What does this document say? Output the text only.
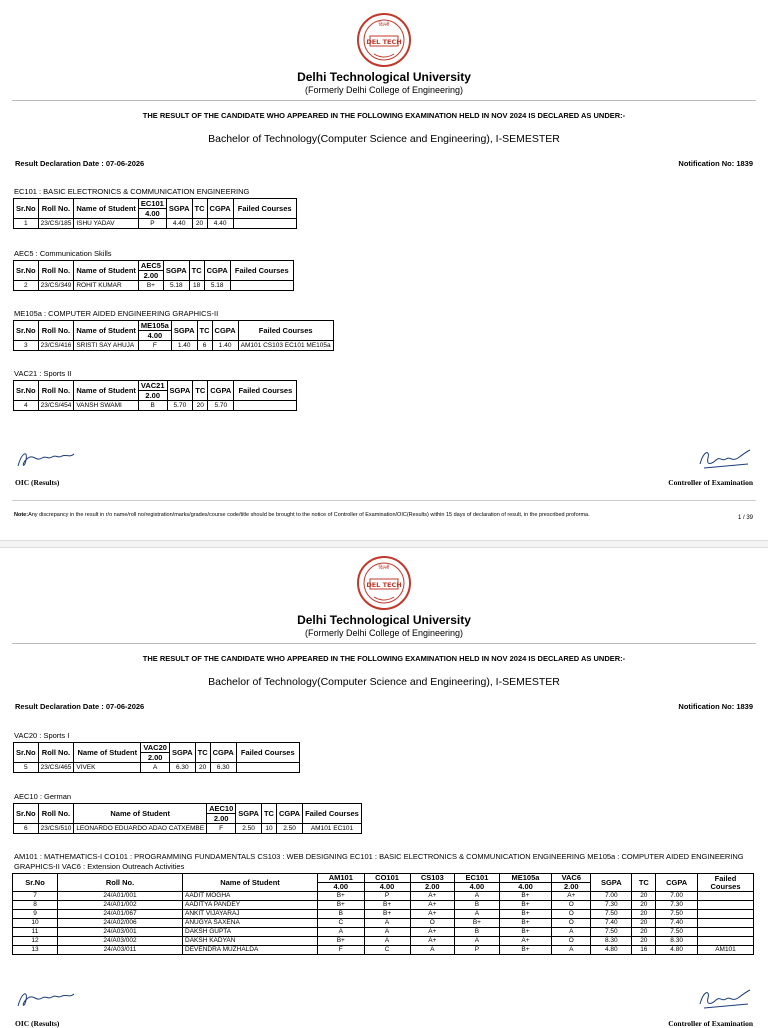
दिल्ली
DEL TECH
Delhi Technological University
(Formerly Delhi College of Engineering)
THE RESULT OF THE CANDIDATE WHO APPEARED IN THE FOLLOWING EXAMINATION HELD IN NOV 2024 IS DECLARED AS UNDER:-
Bachelor of Technology(Computer Science and Engineering), I-SEMESTER
Result Declaration Date : 07-06-2026	Notification No: 1839
EC101 : BASIC ELECTRONICS & COMMUNICATION ENGINEERING
Sr.No	Roll No.	Name of Student	EC101	SGPA	TC	CGPA	Failed Courses
			4.00				
1	23/CS/185	ISHU YADAV	P	4.40	20	4.40	
AEC5 : Communication Skills
Sr.No	Roll No.	Name of Student	AEC5	SGPA	TC	CGPA	Failed Courses
			2.00				
2	23/CS/349	ROHIT KUMAR	B+	5.18	18	5.18	
ME105a : COMPUTER AIDED ENGINEERING GRAPHICS-II
Sr.No	Roll No.	Name of Student	ME105a	SGPA	TC	CGPA	Failed Courses
			4.00				
3	23/CS/416	SRISTI SAY AHUJA	F	1.40	6	1.40	AM101 CS103 EC101 ME105a
VAC21 : Sports II
Sr.No	Roll No.	Name of Student	VAC21	SGPA	TC	CGPA	Failed Courses
			2.00				
4	23/CS/454	VANSH SWAMI	B	5.70	20	5.70	
OIC (Results)	Controller of Examination
Note:Any discrepancy in the result in r/o name/roll no/registration/marks/grades/course code/title should be brought to the notice of Controller of Examination/OIC(Results) within 15 days of declaration of result, in the prescribed proforma.	1 / 39
दिल्ली
DEL TECH
Delhi Technological University
(Formerly Delhi College of Engineering)
THE RESULT OF THE CANDIDATE WHO APPEARED IN THE FOLLOWING EXAMINATION HELD IN NOV 2024 IS DECLARED AS UNDER:-
Bachelor of Technology(Computer Science and Engineering), I-SEMESTER
Result Declaration Date : 07-06-2026	Notification No: 1839
VAC20 : Sports I
Sr.No	Roll No.	Name of Student	VAC20	SGPA	TC	CGPA	Failed Courses
			2.00				
5	23/CS/465	VIVEK	A	6.30	20	6.30	
AEC10 : German
Sr.No	Roll No.	Name of Student	AEC10	SGPA	TC	CGPA	Failed Courses
			2.00				
6	23/CS/510	LEONARDO EDUARDO ADAO CATXEMBE	F	2.50	10	2.50	AM101 EC101
AM101 : MATHEMATICS-I CO101 : PROGRAMMING FUNDAMENTALS CS103 : WEB DESIGNING EC101 : BASIC ELECTRONICS & COMMUNICATION ENGINEERING ME105a : COMPUTER AIDED ENGINEERING GRAPHICS-II VAC6 : Extension Outreach Activities
Sr.No	Roll No.	Name of Student	AM101	CO101	CS103	EC101	ME105a	VAC6	SGPA	TC	CGPA	Failed
Courses
			4.00	4.00	2.00	4.00	4.00	2.00				
7	24/A01/001	AADIT MOGHA	B+	P	A+	A	B+	A+	7.00	20	7.00	
8	24/A01/002	AADITYA PANDEY	B+	B+	A+	B	B+	O	7.30	20	7.30	
9	24/A01/067	ANKIT VIJAYARAJ	B	B+	A+	A	B+	O	7.50	20	7.50	
10	24/A02/006	ANUGYA SAXENA	C	A	O	B+	B+	O	7.40	20	7.40	
11	24/A03/001	DAKSH GUPTA	A	A	A+	B	B+	A	7.50	20	7.50	
12	24/A03/002	DAKSH KADYAN	B+	A	A+	A	A+	O	8.30	20	8.30	
13	24/A03/011	DEVENDRA MUZHALDA	F	C	A	P	B+	A	4.80	16	4.80	AM101
OIC (Results)	Controller of Examination
